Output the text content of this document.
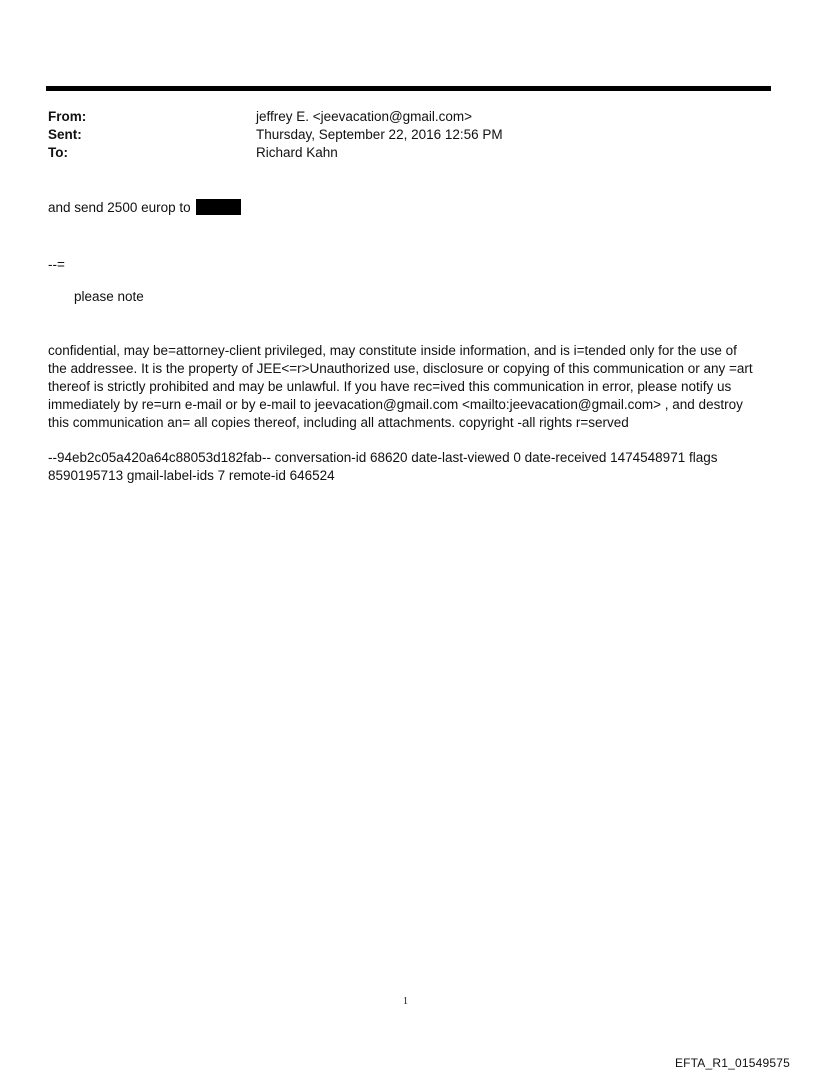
From:	jeffrey E. <jeevacation@gmail.com>
Sent:	Thursday, September 22, 2016 12:56 PM
To:	Richard Kahn
and send 2500 europ to
--=
please note
confidential, may be=attorney-client privileged, may constitute inside information, and is i=tended only for the use of
the addressee. It is the property of JEE<=r>Unauthorized use, disclosure or copying of this communication or any =art
thereof is strictly prohibited and may be unlawful. If you have rec=ived this communication in error, please notify us
immediately by re=urn e-mail or by e-mail to jeevacation@gmail.com <mailto:jeevacation@gmail.com> , and destroy
this communication an= all copies thereof, including all attachments. copyright -all rights r=served
--94eb2c05a420a64c88053d182fab-- conversation-id 68620 date-last-viewed 0 date-received 1474548971 flags
8590195713 gmail-label-ids 7 remote-id 646524
1
EFTA_R1_01549575
